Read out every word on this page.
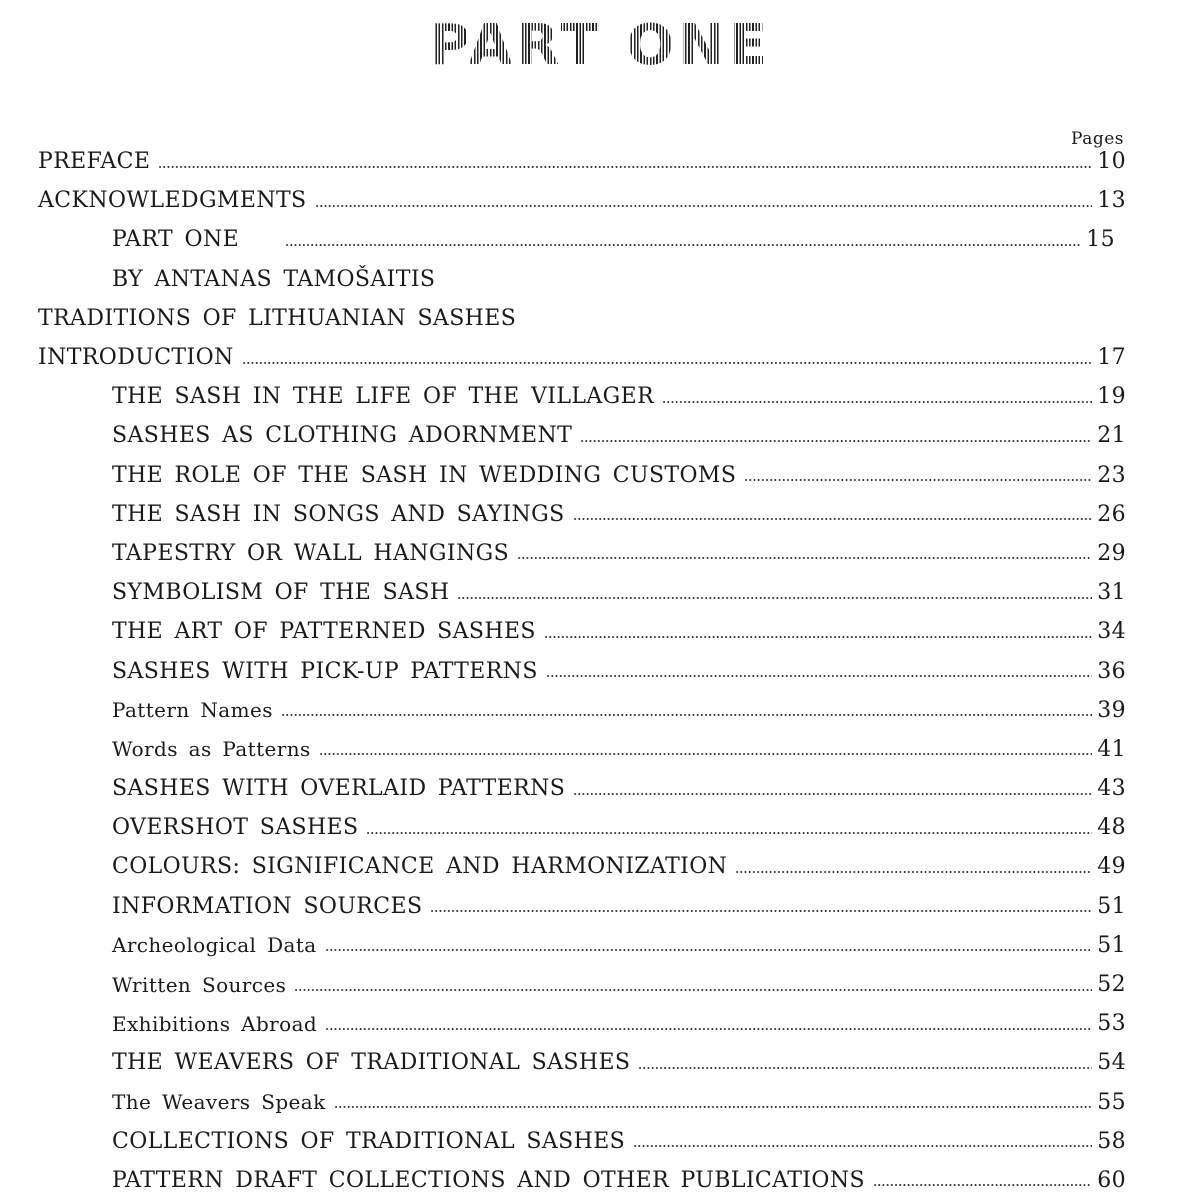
PART ONE
Pages
PREFACE	10
ACKNOWLEDGMENTS	13
PART ONE	15
BY ANTANAS TAMOŠAITIS
TRADITIONS OF LITHUANIAN SASHES
INTRODUCTION	17
THE SASH IN THE LIFE OF THE VILLAGER	19
SASHES AS CLOTHING ADORNMENT	21
THE ROLE OF THE SASH IN WEDDING CUSTOMS	23
THE SASH IN SONGS AND SAYINGS	26
TAPESTRY OR WALL HANGINGS	29
SYMBOLISM OF THE SASH	31
THE ART OF PATTERNED SASHES	34
SASHES WITH PICK-UP PATTERNS	36
Pattern Names	39
Words as Patterns	41
SASHES WITH OVERLAID PATTERNS	43
OVERSHOT SASHES	48
COLOURS: SIGNIFICANCE AND HARMONIZATION	49
INFORMATION SOURCES	51
Archeological Data	51
Written Sources	52
Exhibitions Abroad	53
THE WEAVERS OF TRADITIONAL SASHES	54
The Weavers Speak	55
COLLECTIONS OF TRADITIONAL SASHES	58
PATTERN DRAFT COLLECTIONS AND OTHER PUBLICATIONS	60
